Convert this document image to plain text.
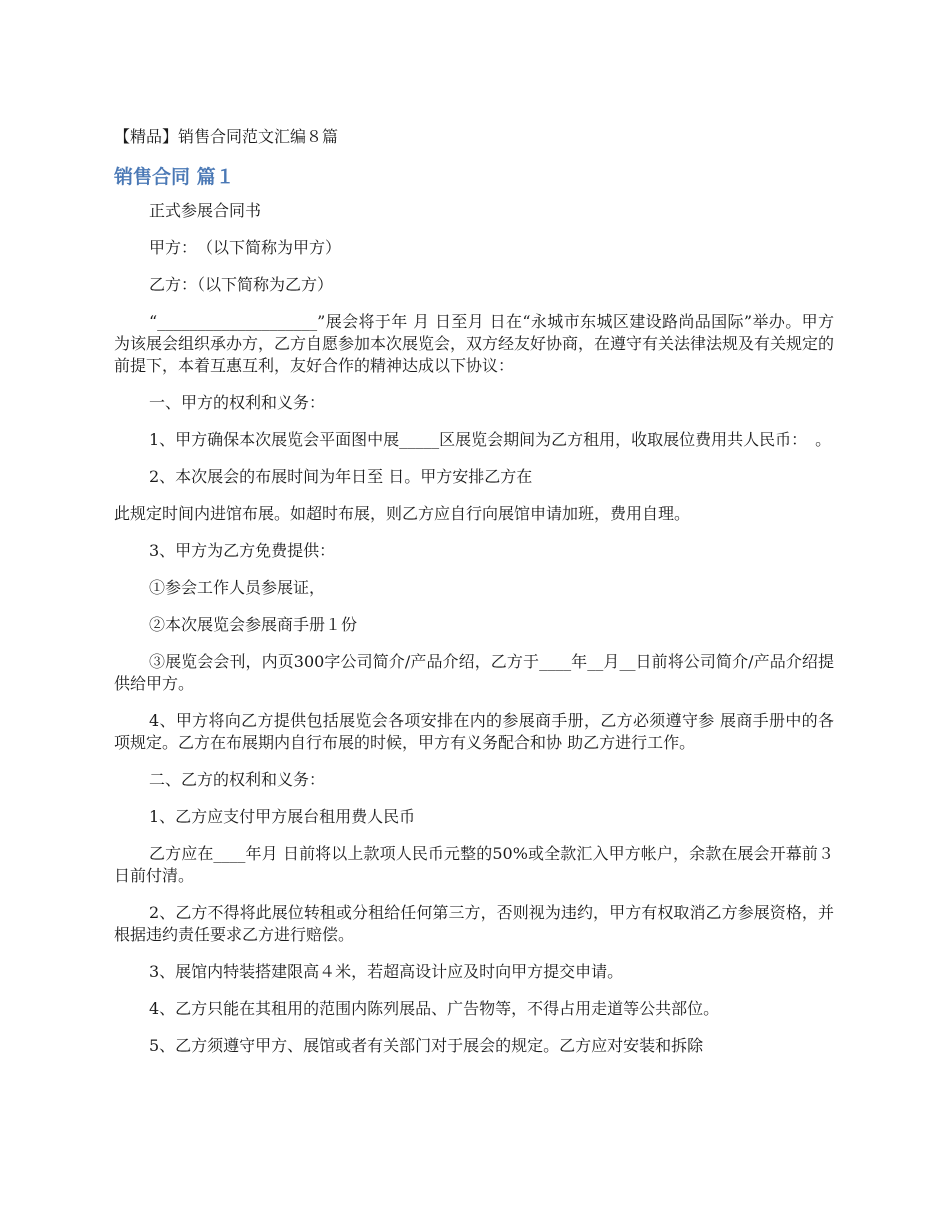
【精品】销售合同范文汇编８篇

销售合同 篇１

正式参展合同书

甲方：　（以下简称为甲方）

乙方：（以下简称为乙方）

“____________________”展会将于年 月 日至月 日在“永城市东城区建设路尚品国际”举办。甲方为该展会组织承办方，乙方自愿参加本次展览会，双方经友好协商，在遵守有关法律法规及有关规定的前提下，本着互惠互利，友好合作的精神达成以下协议：

一、甲方的权利和义务：

1、甲方确保本次展览会平面图中展_____区展览会期间为乙方租用，收取展位费用共人民币：　。

2、本次展会的布展时间为年日至 日。甲方安排乙方在

此规定时间内进馆布展。如超时布展，则乙方应自行向展馆申请加班，费用自理。

3、甲方为乙方免费提供：

①参会工作人员参展证，

②本次展览会参展商手册１份

③展览会会刊，内页300字公司简介/产品介绍，乙方于____年__月__日前将公司简介/产品介绍提供给甲方。

4、甲方将向乙方提供包括展览会各项安排在内的参展商手册，乙方必须遵守参 展商手册中的各项规定。乙方在布展期内自行布展的时候，甲方有义务配合和协 助乙方进行工作。

二、乙方的权利和义务：

1、乙方应支付甲方展台租用费人民币

乙方应在____年月 日前将以上款项人民币元整的50%或全款汇入甲方帐户，余款在展会开幕前３日前付清。

2、乙方不得将此展位转租或分租给任何第三方，否则视为违约，甲方有权取消乙方参展资格，并根据违约责任要求乙方进行赔偿。

3、展馆内特装搭建限高４米，若超高设计应及时向甲方提交申请。

4、乙方只能在其租用的范围内陈列展品、广告物等，不得占用走道等公共部位。

5、乙方须遵守甲方、展馆或者有关部门对于展会的规定。乙方应对安装和拆除
